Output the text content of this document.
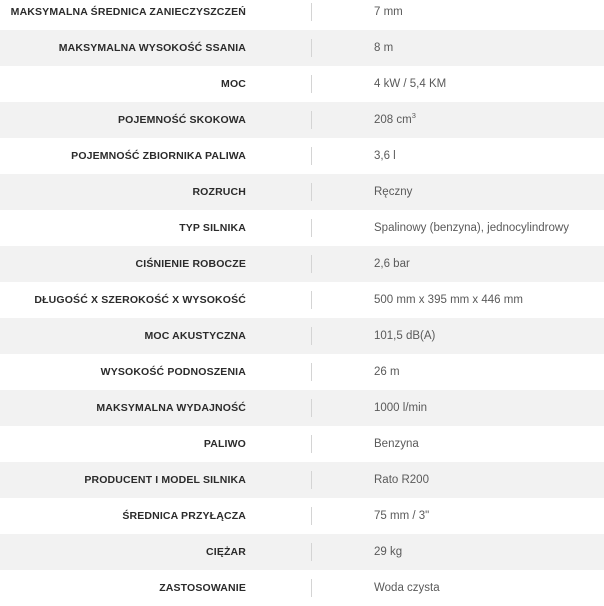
MAKSYMALNA ŚREDNICA ZANIECZYSZCZEŃ	7 mm
MAKSYMALNA WYSOKOŚĆ SSANIA	8 m
MOC	4 kW / 5,4 KM
POJEMNOŚĆ SKOKOWA	208 $cm^3$
POJEMNOŚĆ ZBIORNIKA PALIWA	3,6 l
ROZRUCH	Ręczny
TYP SILNIKA	Spalinowy (benzyna), jednocylindrowy
CIŚNIENIE ROBOCZE	2,6 bar
DŁUGOŚĆ X SZEROKOŚĆ X WYSOKOŚĆ	500 mm x 395 mm x 446 mm
MOC AKUSTYCZNA	101,5 dB(A)
WYSOKOŚĆ PODNOSZENIA	26 m
MAKSYMALNA WYDAJNOŚĆ	1000 l/min
PALIWO	Benzyna
PRODUCENT I MODEL SILNIKA	Rato R200
ŚREDNICA PRZYŁĄCZA	75 mm / 3"
CIĘŻAR	29 kg
ZASTOSOWANIE	Woda czysta
